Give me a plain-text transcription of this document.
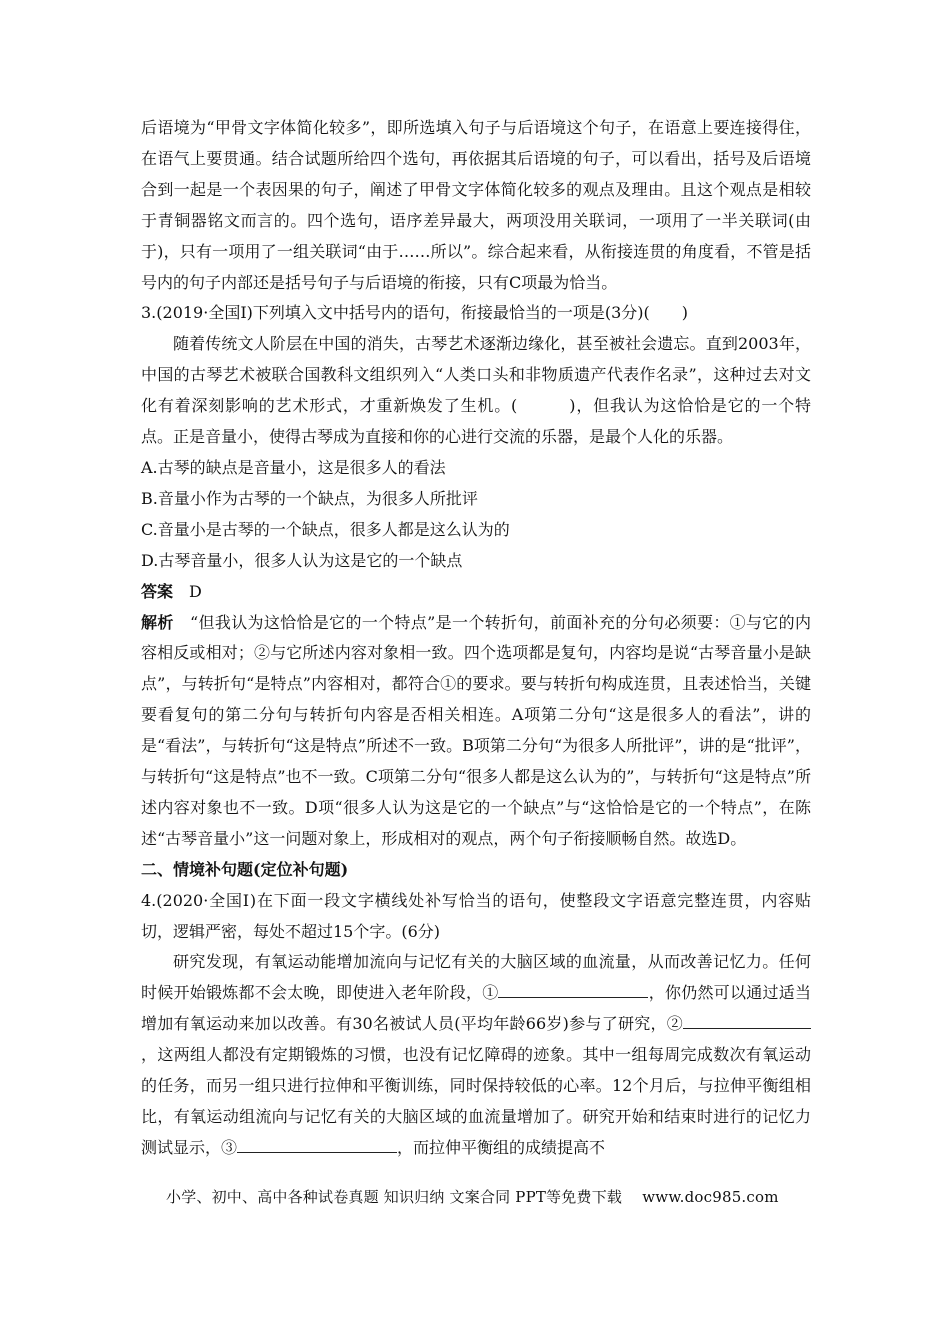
后语境为“甲骨文字体简化较多”，即所选填入句子与后语境这个句子，在语意上要连接得住，在语气上要贯通。结合试题所给四个选句，再依据其后语境的句子，可以看出，括号及后语境合到一起是一个表因果的句子，阐述了甲骨文字体简化较多的观点及理由。且这个观点是相较于青铜器铭文而言的。四个选句，语序差异最大，两项没用关联词，一项用了一半关联词(由于)，只有一项用了一组关联词“由于……所以”。综合起来看，从衔接连贯的角度看，不管是括号内的句子内部还是括号句子与后语境的衔接，只有C项最为恰当。

3.(2019·全国Ⅰ)下列填入文中括号内的语句，衔接最恰当的一项是(3分)(　　)

随着传统文人阶层在中国的消失，古琴艺术逐渐边缘化，甚至被社会遗忘。直到2003年，中国的古琴艺术被联合国教科文组织列入“人类口头和非物质遗产代表作名录”，这种过去对文化有着深刻影响的艺术形式，才重新焕发了生机。(	)，但我认为这恰恰是它的一个特点。正是音量小，使得古琴成为直接和你的心进行交流的乐器，是最个人化的乐器。

A.古琴的缺点是音量小，这是很多人的看法

B.音量小作为古琴的一个缺点，为很多人所批评

C.音量小是古琴的一个缺点，很多人都是这么认为的

D.古琴音量小，很多人认为这是它的一个缺点

答案　 D

解析　 “但我认为这恰恰是它的一个特点”是一个转折句，前面补充的分句必须要：①与它的内容相反或相对；②与它所述内容对象相一致。四个选项都是复句，内容均是说“古琴音量小是缺点”，与转折句“是特点”内容相对，都符合①的要求。要与转折句构成连贯，且表述恰当，关键要看复句的第二分句与转折句内容是否相关相连。A项第二分句“这是很多人的看法”，讲的是“看法”，与转折句“这是特点”所述不一致。B项第二分句“为很多人所批评”，讲的是“批评”，与转折句“这是特点”也不一致。C项第二分句“很多人都是这么认为的”，与转折句“这是特点”所述内容对象也不一致。D项“很多人认为这是它的一个缺点”与“这恰恰是它的一个特点”，在陈述“古琴音量小”这一问题对象上，形成相对的观点，两个句子衔接顺畅自然。故选D。

二、情境补句题(定位补句题)

4.(2020·全国Ⅰ)在下面一段文字横线处补写恰当的语句，使整段文字语意完整连贯，内容贴切，逻辑严密，每处不超过15个字。(6分)

研究发现，有氧运动能增加流向与记忆有关的大脑区域的血流量，从而改善记忆力。任何时候开始锻炼都不会太晚，即使进入老年阶段，①	，你仍然可以通过适当增加有氧运动来加以改善。有30名被试人员(平均年龄66岁)参与了研究，②，这两组人都没有定期锻炼的习惯，也没有记忆障碍的迹象。其中一组每周完成数次有氧运动的任务，而另一组只进行拉伸和平衡训练，同时保持较低的心率。12个月后，与拉伸平衡组相比，有氧运动组流向与记忆有关的大脑区域的血流量增加了。研究开始和结束时进行的记忆力测试显示，③	，而拉伸平衡组的成绩提高不

小学、初中、高中各种试卷真题 知识归纳 文案合同 PPT等免费下载　 www.doc985.com
